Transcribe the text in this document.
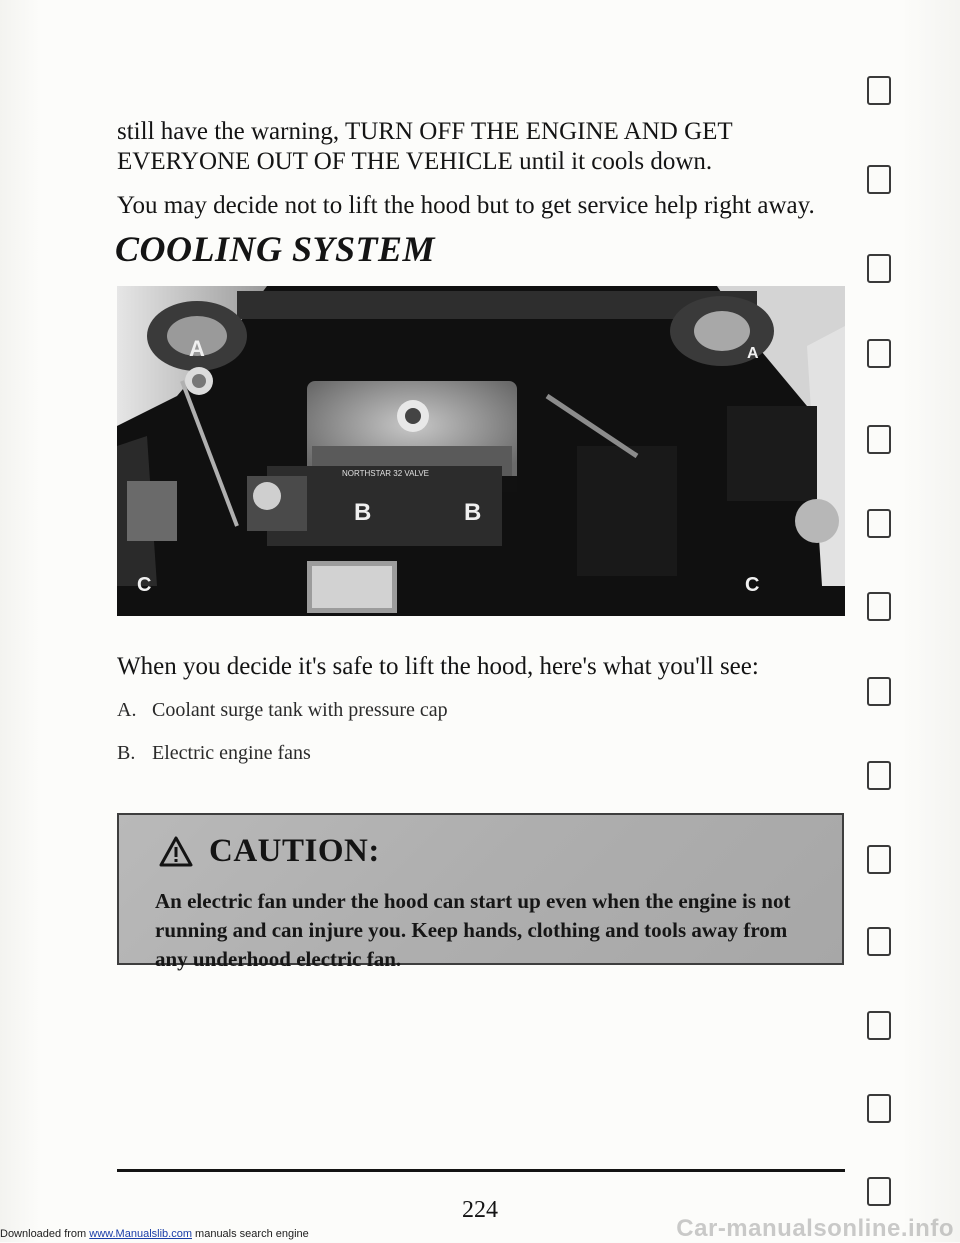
still have the warning, TURN OFF THE ENGINE AND GET EVERYONE OUT OF THE VEHICLE until it cools down.

You may decide not to lift the hood but to get service help right away.

COOLING SYSTEM
A	A
B	B
C	C
NORTHSTAR 32 VALVE

When you decide it's safe to lift the hood, here's what you'll see:

A. Coolant surge tank with pressure cap
B. Electric engine fans
CAUTION:
An electric fan under the hood can start up even when the engine is not running and can injure you. Keep hands, clothing and tools away from any underhood electric fan.
224
Car-manualsonline.info
Downloaded from www.Manualslib.com manuals search engine
